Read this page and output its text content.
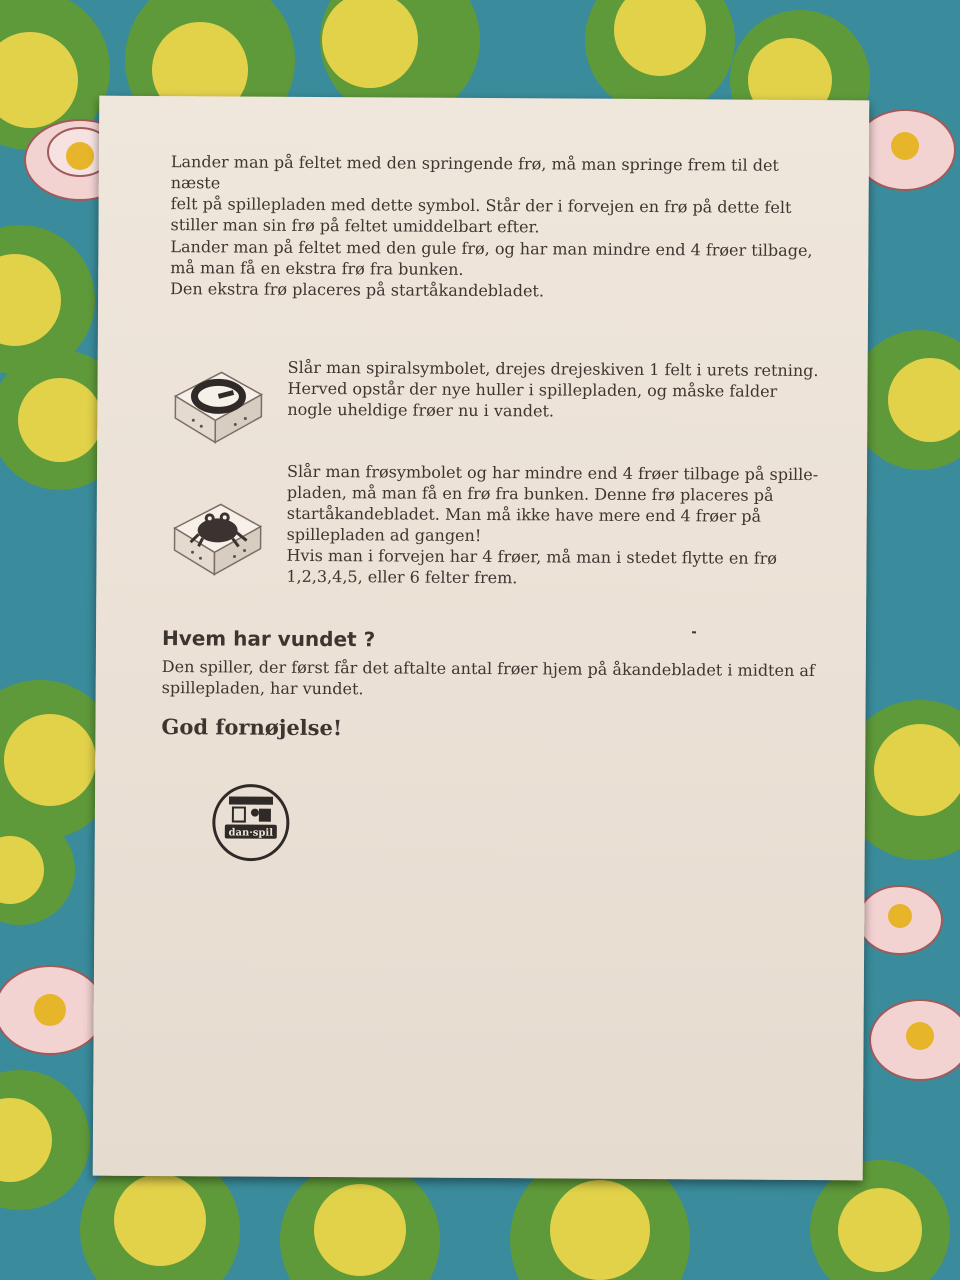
Lander man på feltet med den springende frø, må man springe frem til det næste
felt på spillepladen med dette symbol. Står der i forvejen en frø på dette felt
stiller man sin frø på feltet umiddelbart efter.

Lander man på feltet med den gule frø, og har man mindre end 4 frøer tilbage,
må man få en ekstra frø fra bunken.
Den ekstra frø placeres på startåkandebladet.

Slår man spiralsymbolet, drejes drejeskiven 1 felt i urets retning.
Herved opstår der nye huller i spillepladen, og måske falder
nogle uheldige frøer nu i vandet.

Slår man frøsymbolet og har mindre end 4 frøer tilbage på spille-
pladen, må man få en frø fra bunken. Denne frø placeres på
startåkandebladet. Man må ikke have mere end 4 frøer på
spillepladen ad gangen!
Hvis man i forvejen har 4 frøer, må man i stedet flytte en frø
1,2,3,4,5, eller 6 felter frem.

Hvem har vundet ?

Den spiller, der først får det aftalte antal frøer hjem på åkandebladet i midten af
spillepladen, har vundet.

God fornøjelse!
dan·spil
